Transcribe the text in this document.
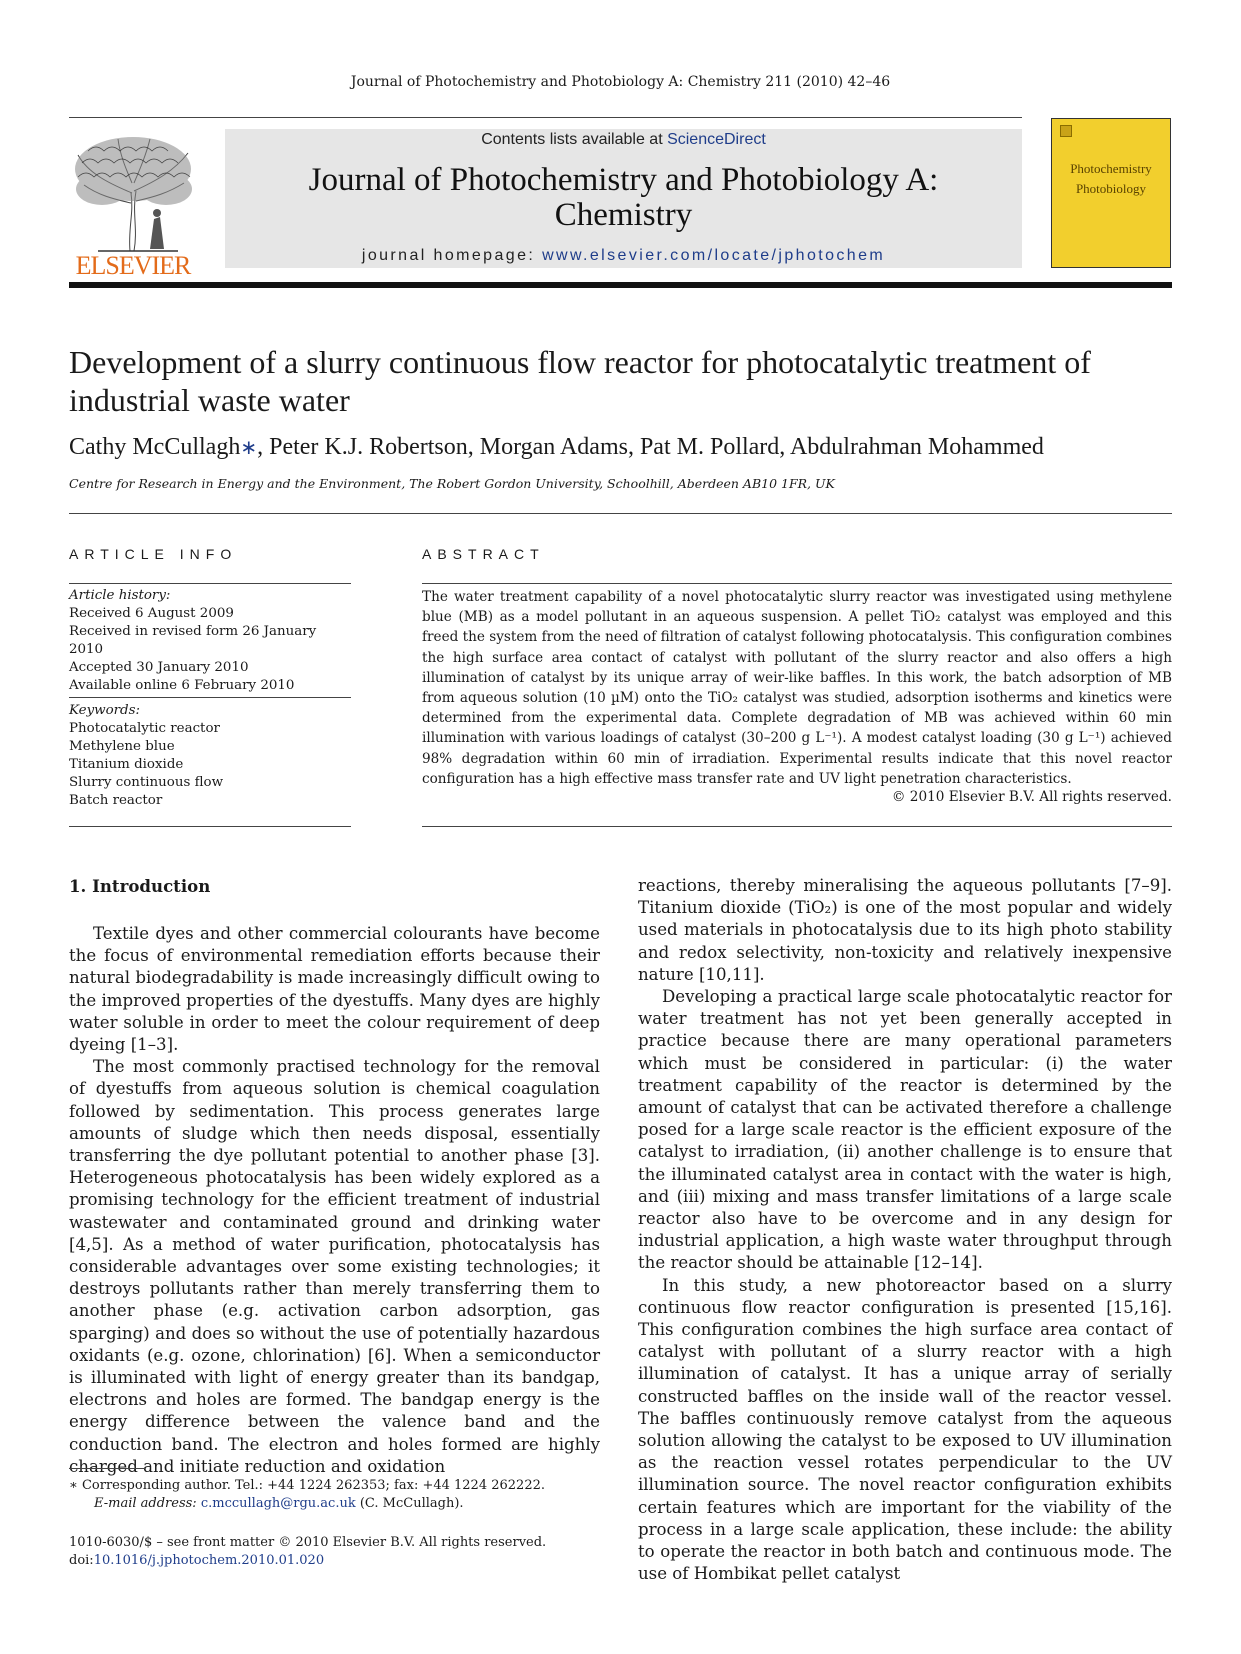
Journal of Photochemistry and Photobiology A: Chemistry 211 (2010) 42–46
ELSEVIER
Contents lists available at ScienceDirect
Journal of Photochemistry and Photobiology A:
Chemistry
journal homepage: www.elsevier.com/locate/jphotochem
Photochemistry
Photobiology
Development of a slurry continuous flow reactor for photocatalytic treatment of
industrial waste water
Cathy McCullagh∗, Peter K.J. Robertson, Morgan Adams, Pat M. Pollard, Abdulrahman Mohammed
Centre for Research in Energy and the Environment, The Robert Gordon University, Schoolhill, Aberdeen AB10 1FR, UK
ARTICLE INFO	ABSTRACT
Article history:
Received 6 August 2009
Received in revised form 26 January 2010
Accepted 30 January 2010
Available online 6 February 2010
Keywords:
Photocatalytic reactor
Methylene blue
Titanium dioxide
Slurry continuous flow
Batch reactor
The water treatment capability of a novel photocatalytic slurry reactor was investigated using methylene blue (MB) as a model pollutant in an aqueous suspension. A pellet TiO₂ catalyst was employed and this freed the system from the need of filtration of catalyst following photocatalysis. This configuration combines the high surface area contact of catalyst with pollutant of the slurry reactor and also offers a high illumination of catalyst by its unique array of weir-like baffles. In this work, the batch adsorption of MB from aqueous solution (10 µM) onto the TiO₂ catalyst was studied, adsorption isotherms and kinetics were determined from the experimental data. Complete degradation of MB was achieved within 60 min illumination with various loadings of catalyst (30–200 g L⁻¹). A modest catalyst loading (30 g L⁻¹) achieved 98% degradation within 60 min of irradiation. Experimental results indicate that this novel reactor configuration has a high effective mass transfer rate and UV light penetration characteristics.
© 2010 Elsevier B.V. All rights reserved.
1. Introduction

Textile dyes and other commercial colourants have become the focus of environmental remediation efforts because their natural biodegradability is made increasingly difficult owing to the improved properties of the dyestuffs. Many dyes are highly water soluble in order to meet the colour requirement of deep dyeing [1–3].

The most commonly practised technology for the removal of dyestuffs from aqueous solution is chemical coagulation followed by sedimentation. This process generates large amounts of sludge which then needs disposal, essentially transferring the dye pollutant potential to another phase [3]. Heterogeneous photocatalysis has been widely explored as a promising technology for the efficient treatment of industrial wastewater and contaminated ground and drinking water [4,5]. As a method of water purification, photocatalysis has considerable advantages over some existing technologies; it destroys pollutants rather than merely transferring them to another phase (e.g. activation carbon adsorption, gas sparging) and does so without the use of potentially hazardous oxidants (e.g. ozone, chlorination) [6]. When a semiconductor is illuminated with light of energy greater than its bandgap, electrons and holes are formed. The bandgap energy is the energy difference between the valence band and the conduction band. The electron and holes formed are highly charged and initiate reduction and oxidation

reactions, thereby mineralising the aqueous pollutants [7–9]. Titanium dioxide (TiO₂) is one of the most popular and widely used materials in photocatalysis due to its high photo stability and redox selectivity, non-toxicity and relatively inexpensive nature [10,11].

Developing a practical large scale photocatalytic reactor for water treatment has not yet been generally accepted in practice because there are many operational parameters which must be considered in particular: (i) the water treatment capability of the reactor is determined by the amount of catalyst that can be activated therefore a challenge posed for a large scale reactor is the efficient exposure of the catalyst to irradiation, (ii) another challenge is to ensure that the illuminated catalyst area in contact with the water is high, and (iii) mixing and mass transfer limitations of a large scale reactor also have to be overcome and in any design for industrial application, a high waste water throughput through the reactor should be attainable [12–14].

In this study, a new photoreactor based on a slurry continuous flow reactor configuration is presented [15,16]. This configuration combines the high surface area contact of catalyst with pollutant of a slurry reactor with a high illumination of catalyst. It has a unique array of serially constructed baffles on the inside wall of the reactor vessel. The baffles continuously remove catalyst from the aqueous solution allowing the catalyst to be exposed to UV illumination as the reaction vessel rotates perpendicular to the UV illumination source. The novel reactor configuration exhibits certain features which are important for the viability of the process in a large scale application, these include: the ability to operate the reactor in both batch and continuous mode. The use of Hombikat pellet catalyst

∗ Corresponding author. Tel.: +44 1224 262353; fax: +44 1224 262222.
E-mail address: c.mccullagh@rgu.ac.uk (C. McCullagh).
1010-6030/$ – see front matter © 2010 Elsevier B.V. All rights reserved.
doi:10.1016/j.jphotochem.2010.01.020
